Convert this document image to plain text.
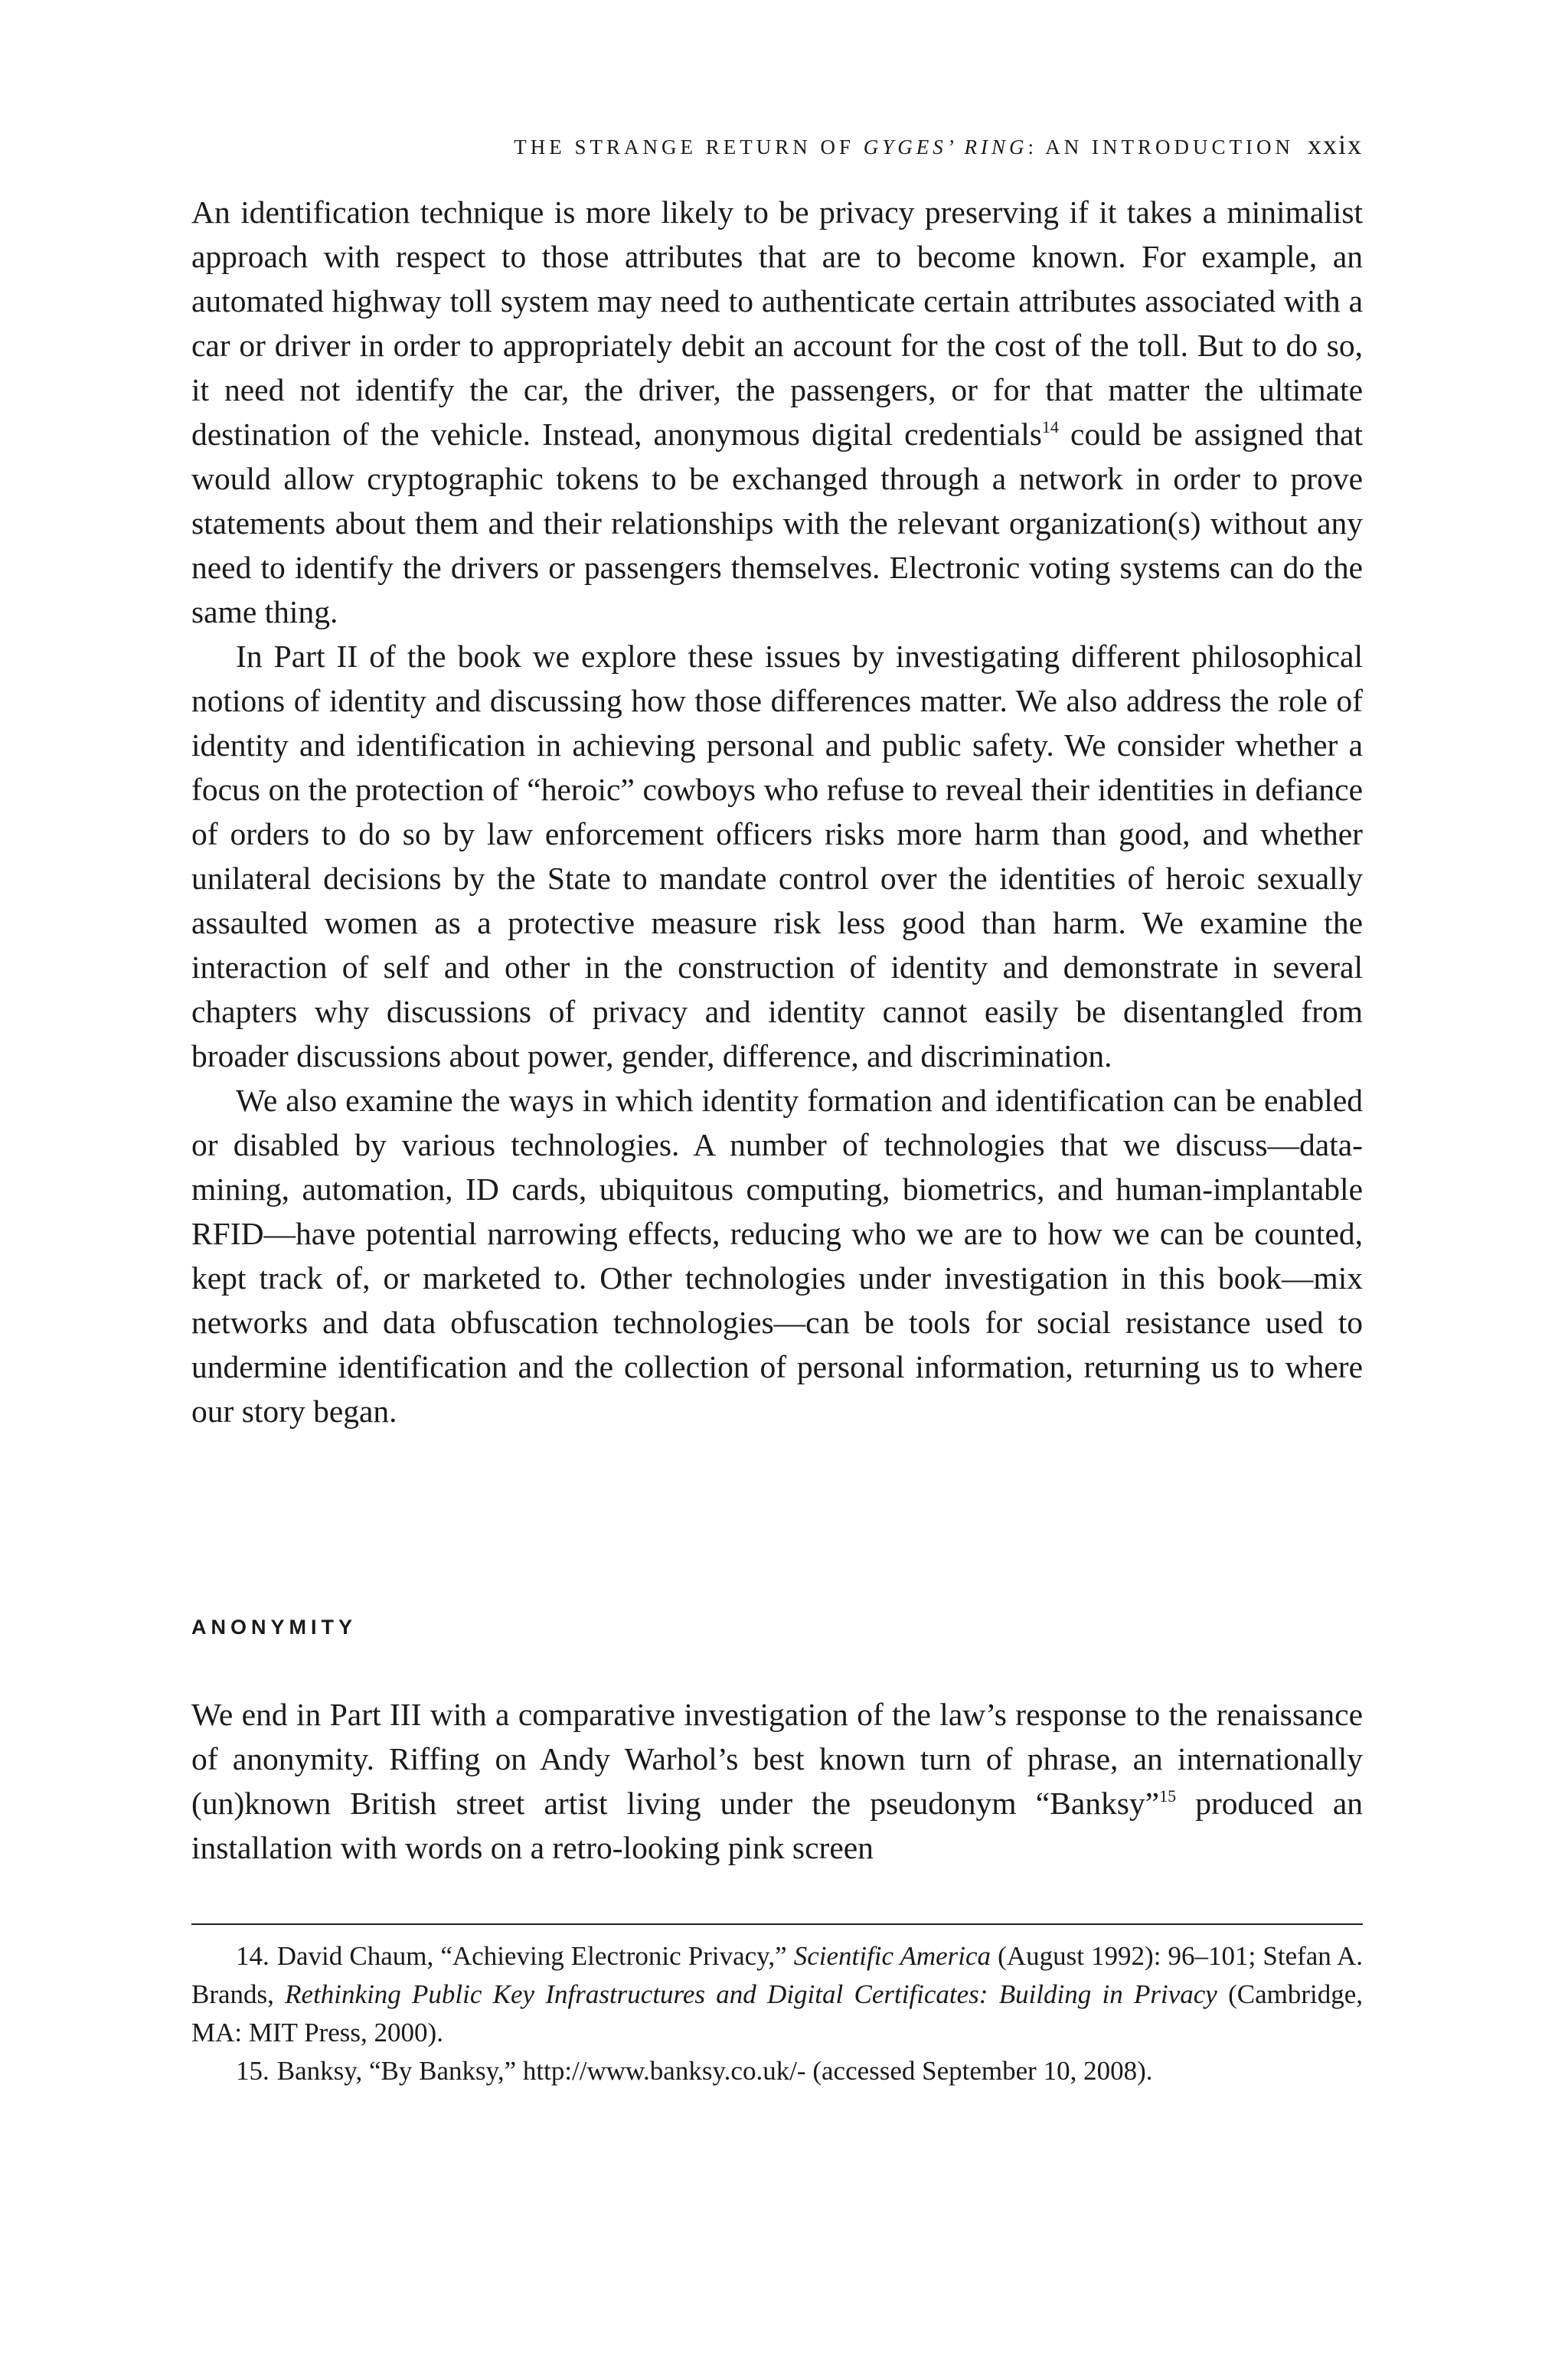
THE STRANGE RETURN OF GYGES’ RING: AN INTRODUCTION xxix

An identification technique is more likely to be privacy preserving if it takes a minimalist approach with respect to those attributes that are to become known. For example, an automated highway toll system may need to authenticate certain attributes associated with a car or driver in order to appropriately debit an account for the cost of the toll. But to do so, it need not identify the car, the driver, the passengers, or for that matter the ultimate destination of the vehicle. Instead, anonymous digital credentials$^{14}$ could be assigned that would allow cryptographic tokens to be exchanged through a network in order to prove statements about them and their relationships with the relevant organization(s) without any need to identify the drivers or passengers themselves. Electronic voting systems can do the same thing.

In Part II of the book we explore these issues by investigating different philosophical notions of identity and discussing how those differences matter. We also address the role of identity and identification in achieving personal and public safety. We consider whether a focus on the protection of “heroic” cowboys who refuse to reveal their identities in defiance of orders to do so by law enforcement officers risks more harm than good, and whether unilateral decisions by the State to mandate control over the identities of heroic sexually assaulted women as a protective measure risk less good than harm. We examine the interaction of self and other in the construction of identity and demonstrate in several chapters why discussions of privacy and identity cannot easily be disentangled from broader discussions about power, gender, difference, and discrimination.

We also examine the ways in which identity formation and identification can be enabled or disabled by various technologies. A number of technologies that we discuss—data-mining, automation, ID cards, ubiquitous computing, biometrics, and human-implantable RFID—have potential narrowing effects, reducing who we are to how we can be counted, kept track of, or marketed to. Other technologies under investigation in this book—mix networks and data obfuscation technologies—can be tools for social resistance used to undermine identification and the collection of personal information, returning us to where our story began.

ANONYMITY

We end in Part III with a comparative investigation of the law’s response to the renaissance of anonymity. Riffing on Andy Warhol’s best known turn of phrase, an internationally (un)known British street artist living under the pseudonym “Banksy”$^{15}$ produced an installation with words on a retro-looking pink screen

14. David Chaum, “Achieving Electronic Privacy,” Scientific America (August 1992): 96–101; Stefan A. Brands, Rethinking Public Key Infrastructures and Digital Certificates: Building in Privacy (Cambridge, MA: MIT Press, 2000).

15. Banksy, “By Banksy,” http://www.banksy.co.uk/- (accessed September 10, 2008).
